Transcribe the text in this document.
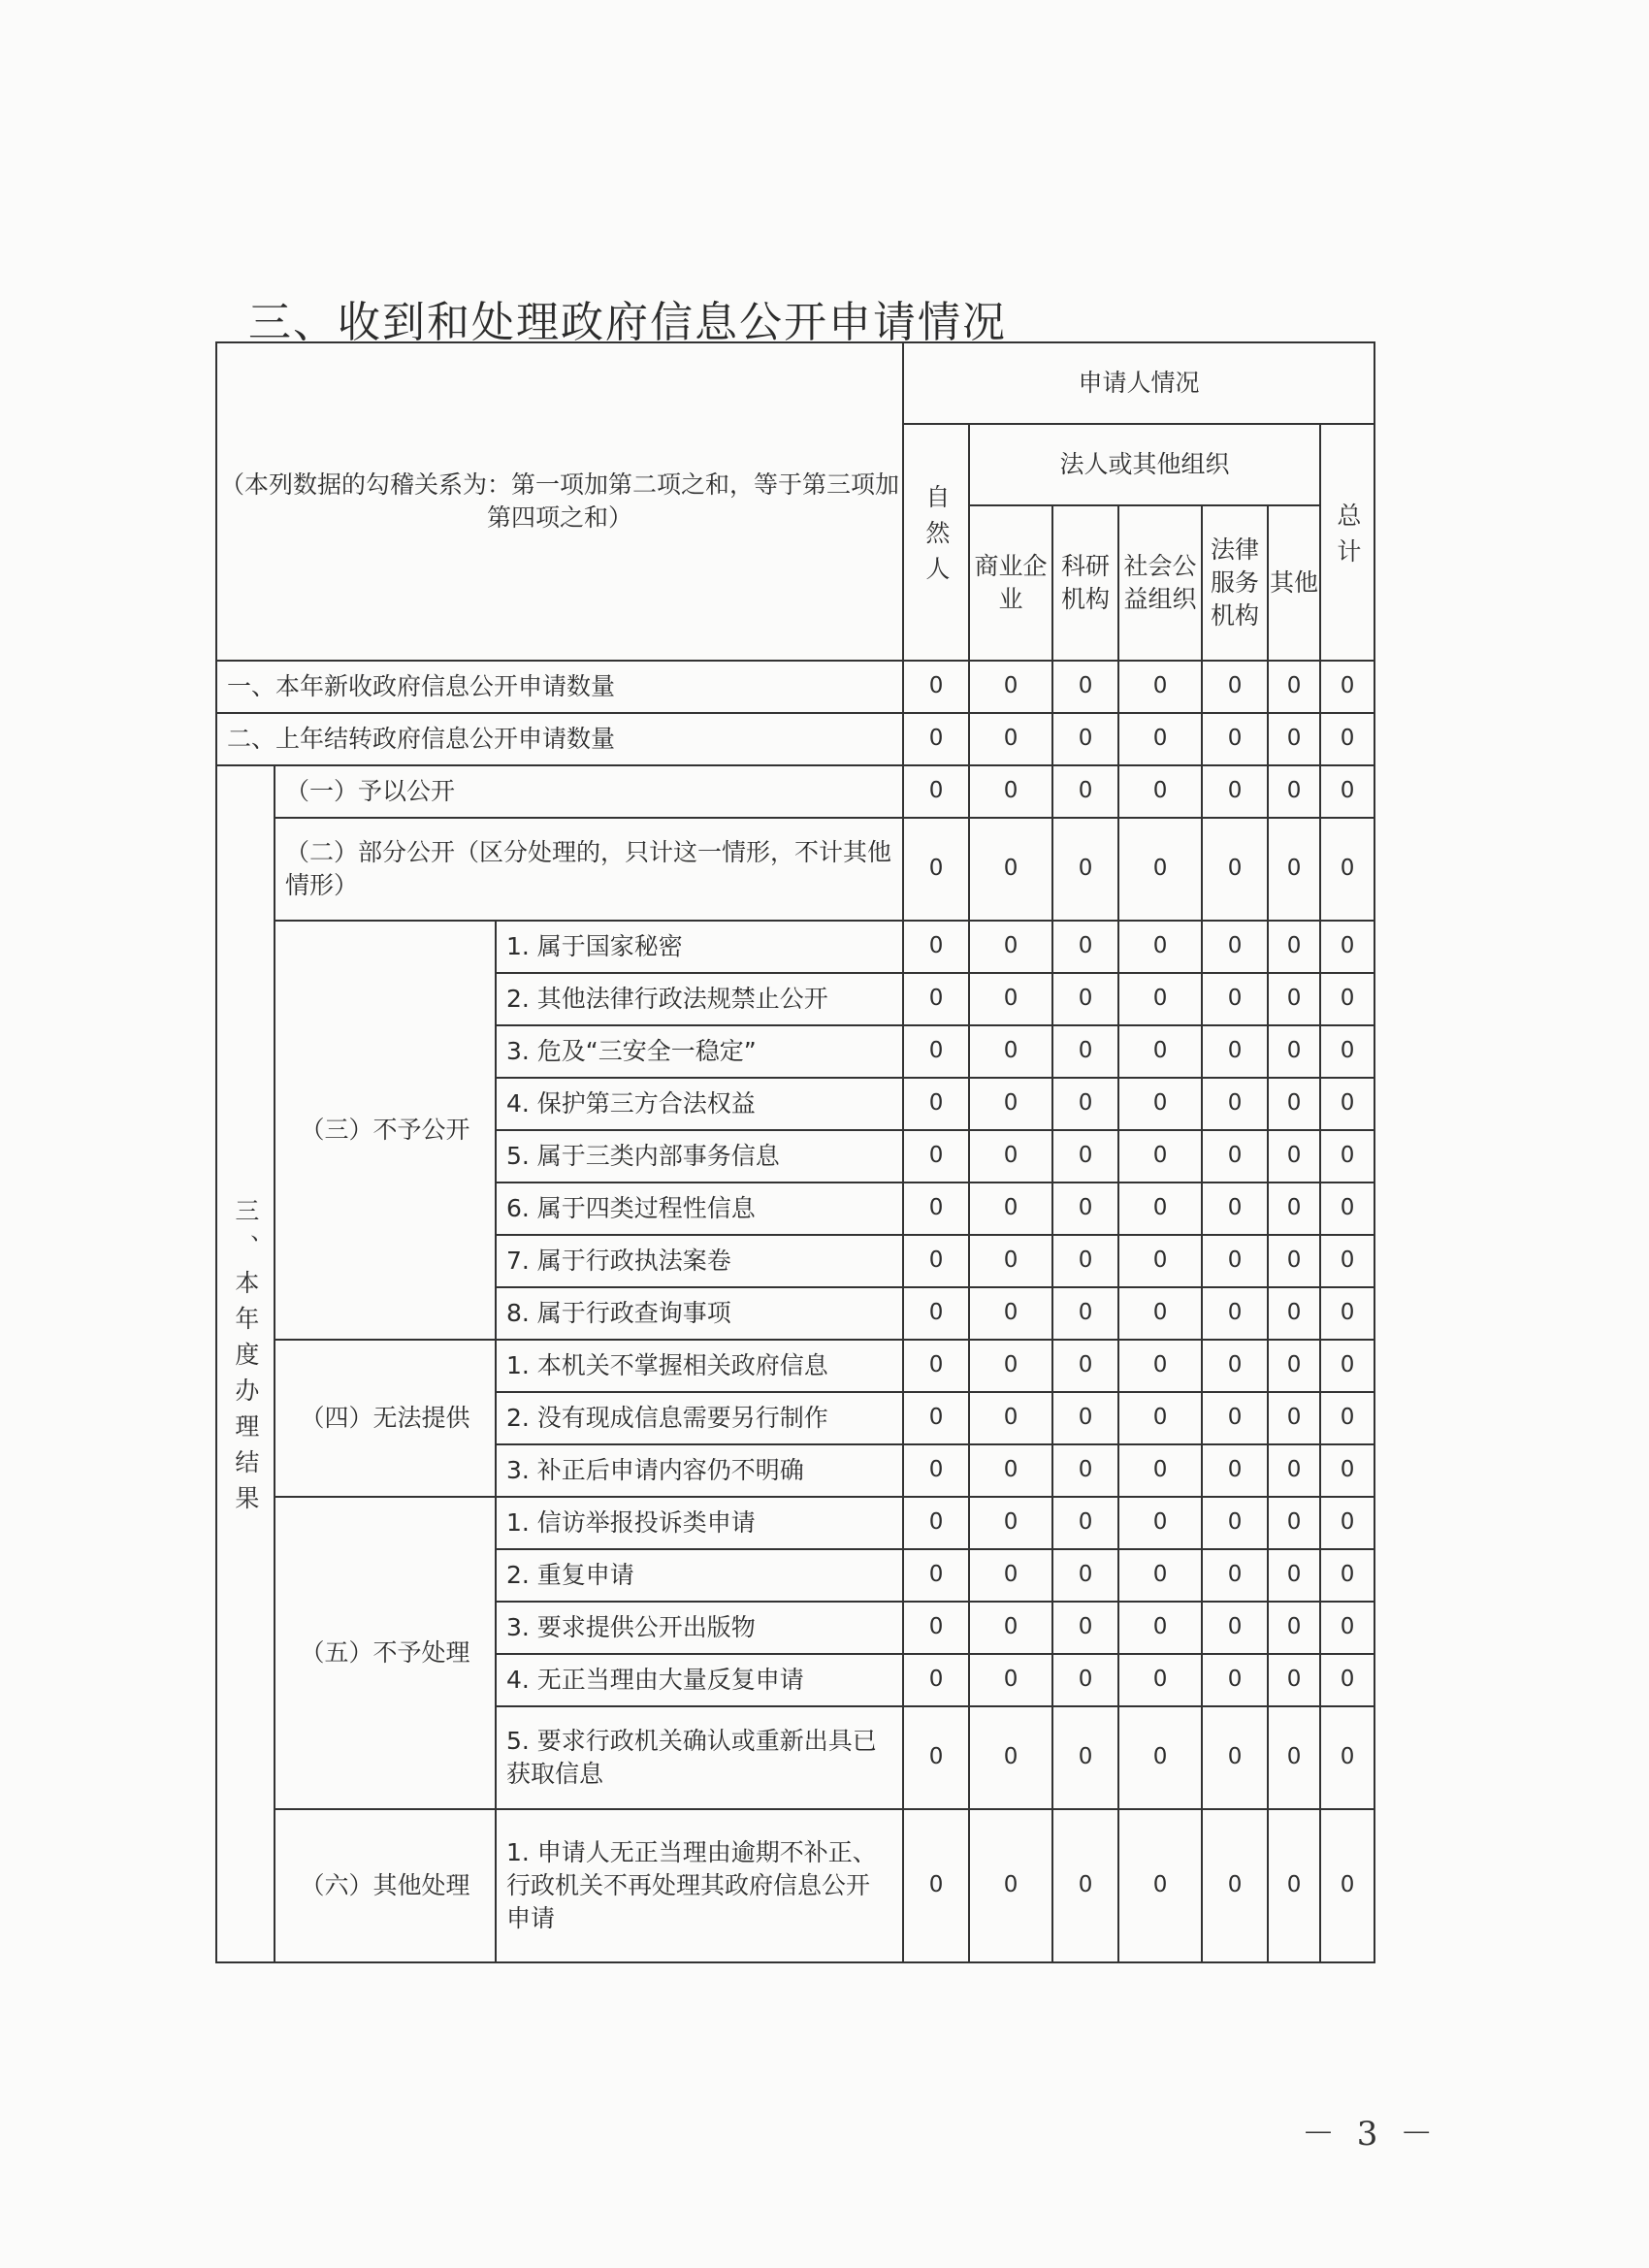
三、收到和处理政府信息公开申请情况
（本列数据的勾稽关系为：第一项加第二项之和，等于第三项加第四项之和）			申请人情况						
			自然人	法人或其他组织					总计
				商业企业	科研机构	社会公益组织	法律服务机构	其他	
一、本年新收政府信息公开申请数量			0	0	0	0	0	0	0
二、上年结转政府信息公开申请数量			0	0	0	0	0	0	0
三、本年度办理结果	（一）予以公开		0	0	0	0	0	0	0
	（二）部分公开（区分处理的，只计这一情形，不计其他情形）		0	0	0	0	0	0	0
	（三）不予公开	1. 属于国家秘密	0	0	0	0	0	0	0
		2. 其他法律行政法规禁止公开	0	0	0	0	0	0	0
		3. 危及“三安全一稳定”	0	0	0	0	0	0	0
		4. 保护第三方合法权益	0	0	0	0	0	0	0
		5. 属于三类内部事务信息	0	0	0	0	0	0	0
		6. 属于四类过程性信息	0	0	0	0	0	0	0
		7. 属于行政执法案卷	0	0	0	0	0	0	0
		8. 属于行政查询事项	0	0	0	0	0	0	0
	（四）无法提供	1. 本机关不掌握相关政府信息	0	0	0	0	0	0	0
		2. 没有现成信息需要另行制作	0	0	0	0	0	0	0
		3. 补正后申请内容仍不明确	0	0	0	0	0	0	0
	（五）不予处理	1. 信访举报投诉类申请	0	0	0	0	0	0	0
		2. 重复申请	0	0	0	0	0	0	0
		3. 要求提供公开出版物	0	0	0	0	0	0	0
		4. 无正当理由大量反复申请	0	0	0	0	0	0	0
		5. 要求行政机关确认或重新出具已获取信息	0	0	0	0	0	0	0
	（六）其他处理	1. 申请人无正当理由逾期不补正、行政机关不再处理其政府信息公开申请	0	0	0	0	0	0	0
－ 3 －
